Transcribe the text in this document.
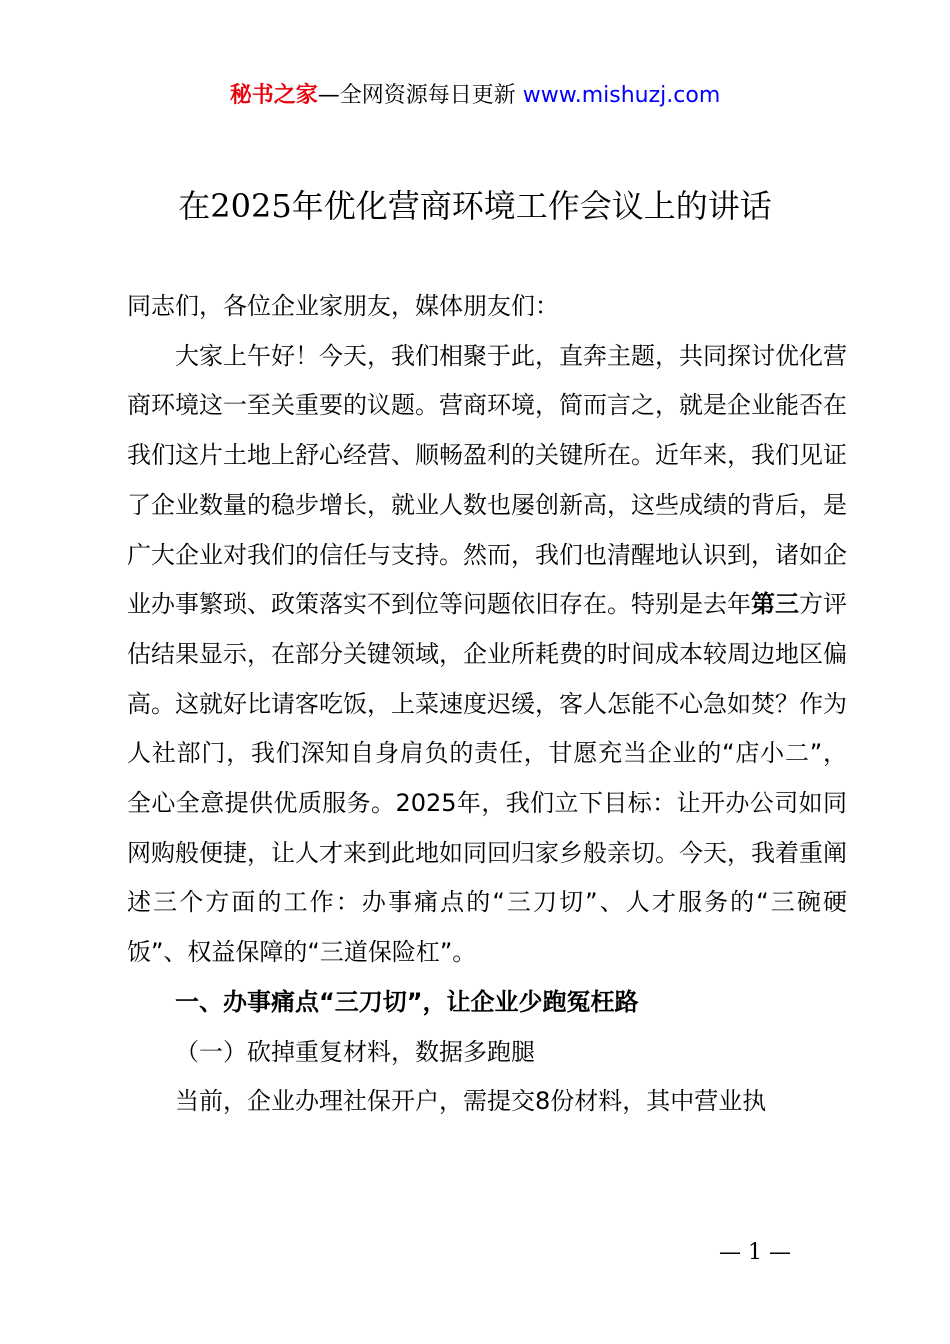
秘书之家—全网资源每日更新 www.mishuzj.com
在2025年优化营商环境工作会议上的讲话

同志们，各位企业家朋友，媒体朋友们：

大家上午好！今天，我们相聚于此，直奔主题，共同探讨优化营商环境这一至关重要的议题。营商环境，简而言之，就是企业能否在我们这片土地上舒心经营、顺畅盈利的关键所在。近年来，我们见证了企业数量的稳步增长，就业人数也屡创新高，这些成绩的背后，是广大企业对我们的信任与支持。然而，我们也清醒地认识到，诸如企业办事繁琐、政策落实不到位等问题依旧存在。特别是去年第三方评估结果显示，在部分关键领域，企业所耗费的时间成本较周边地区偏高。这就好比请客吃饭，上菜速度迟缓，客人怎能不心急如焚？作为人社部门，我们深知自身肩负的责任，甘愿充当企业的“店小二”，全心全意提供优质服务。2025年，我们立下目标：让开办公司如同网购般便捷，让人才来到此地如同回归家乡般亲切。今天，我着重阐述三个方面的工作：办事痛点的“三刀切”、人才服务的“三碗硬饭”、权益保障的“三道保险杠”。

一、办事痛点“三刀切”，让企业少跑冤枉路

（一）砍掉重复材料，数据多跑腿

当前，企业办理社保开户，需提交8份材料，其中营业执

— 1 —
